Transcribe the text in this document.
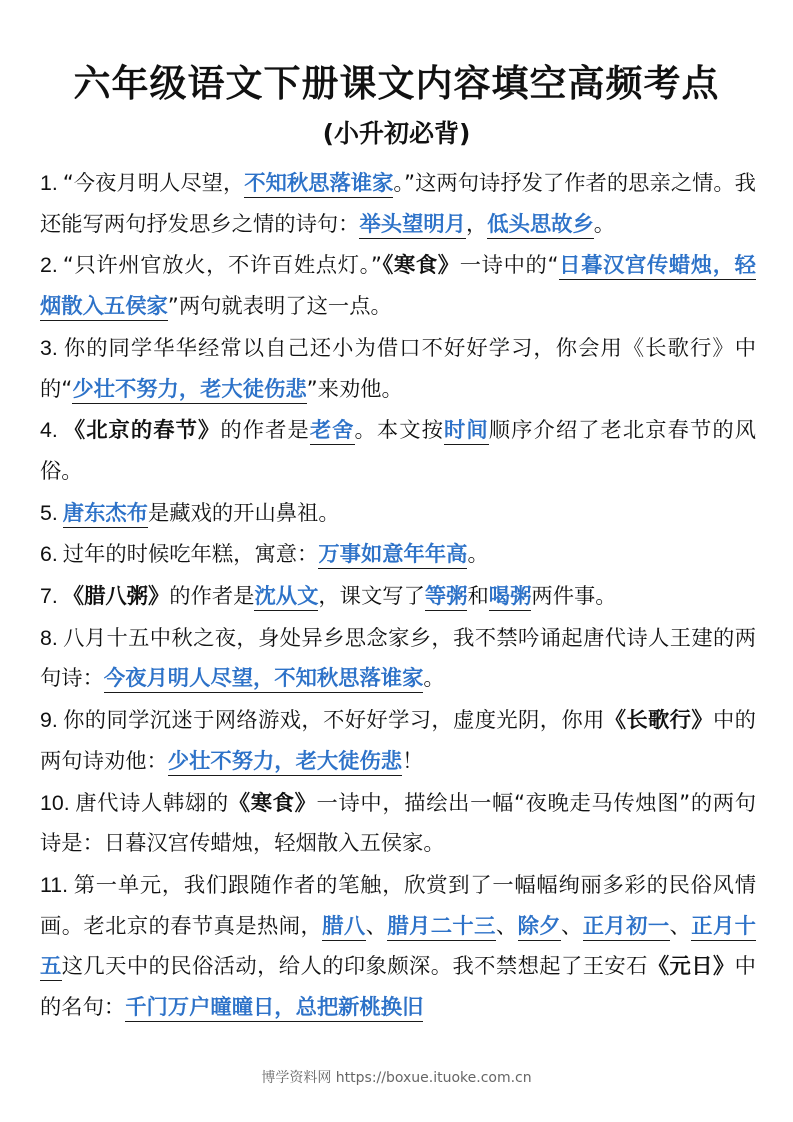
六年级语文下册课文内容填空高频考点
(小升初必背)

1. “今夜月明人尽望，不知秋思落谁家。”这两句诗抒发了作者的思亲之情。我还能写两句抒发思乡之情的诗句：举头望明月，低头思故乡。

2. “只许州官放火，不许百姓点灯。”《寒食》一诗中的“日暮汉宫传蜡烛，轻烟散入五侯家”两句就表明了这一点。

3. 你的同学华华经常以自己还小为借口不好好学习，你会用《长歌行》中的“少壮不努力，老大徒伤悲”来劝他。

4. 《北京的春节》的作者是老舍。本文按时间顺序介绍了老北京春节的风俗。

5. 唐东杰布是藏戏的开山鼻祖。

6. 过年的时候吃年糕，寓意：万事如意年年高。

7. 《腊八粥》的作者是沈从文，课文写了等粥和喝粥两件事。

8. 八月十五中秋之夜，身处异乡思念家乡，我不禁吟诵起唐代诗人王建的两句诗：今夜月明人尽望，不知秋思落谁家。

9. 你的同学沉迷于网络游戏，不好好学习，虚度光阴，你用《长歌行》中的两句诗劝他：少壮不努力，老大徒伤悲！

10. 唐代诗人韩翃的《寒食》一诗中，描绘出一幅“夜晚走马传烛图”的两句诗是：日暮汉宫传蜡烛，轻烟散入五侯家。

11. 第一单元，我们跟随作者的笔触，欣赏到了一幅幅绚丽多彩的民俗风情画。老北京的春节真是热闹，腊八、腊月二十三、除夕、正月初一、正月十五这几天中的民俗活动，给人的印象颇深。我不禁想起了王安石《元日》中的名句：千门万户曈曈日，总把新桃换旧

博学资料网 https://boxue.ituoke.com.cn
